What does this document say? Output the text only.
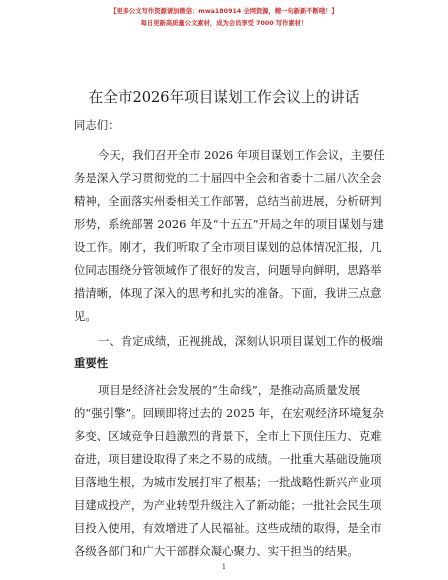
【更多公文写作资源请加微信：mwa180914 全网资源，精一句新新不断哦！】
每日更新高质量公文素材，成为会员享受 7000 写作素材！
在全市2026年项目谋划工作会议上的讲话
同志们：
今天，我们召开全市 2026 年项目谋划工作会议，主要任
务是深入学习贯彻党的二十届四中全会和省委十二届八次全会
精神，全面落实州委相关工作部署，总结当前进展，分析研判
形势，系统部署 2026 年及“十五五”开局之年的项目谋划与建
设工作。刚才，我们听取了全市项目谋划的总体情况汇报，几
位同志围绕分管领域作了很好的发言，问题导向鲜明，思路举
措清晰，体现了深入的思考和扎实的准备。下面，我讲三点意
见。
一、肯定成绩，正视挑战，深刻认识项目谋划工作的极端
重要性
项目是经济社会发展的“生命线”，是推动高质量发展
的“强引擎”。回顾即将过去的 2025 年，在宏观经济环境复杂
多变、区域竞争日趋激烈的背景下，全市上下顶住压力、克难
奋进，项目建设取得了来之不易的成绩。一批重大基础设施项
目落地生根，为城市发展打牢了根基；一批战略性新兴产业项
目建成投产，为产业转型升级注入了新动能；一批社会民生项
目投入使用，有效增进了人民福祉。这些成绩的取得，是全市
各级各部门和广大干部群众凝心聚力、实干担当的结果。
1
